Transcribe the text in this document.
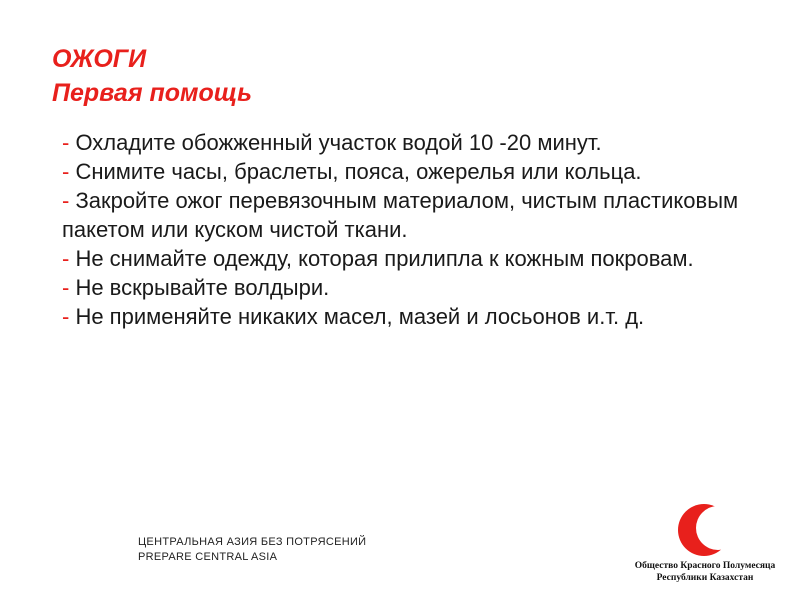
ОЖОГИ
Первая помощь
- Охладите обожженный участок водой 10 -20 минут.
- Снимите часы, браслеты, пояса, ожерелья или кольца.
- Закройте ожог перевязочным материалом, чистым пластиковым пакетом или куском чистой ткани.
- Не снимайте одежду, которая прилипла к кожным покровам.
- Не вскрывайте волдыри.
- Не применяйте никаких масел, мазей и лосьонов и.т. д.
ЦЕНТРАЛЬНАЯ АЗИЯ БЕЗ ПОТРЯСЕНИЙ
PREPARE CENTRAL ASIA
Общество Красного Полумесяца
Республики Казахстан
